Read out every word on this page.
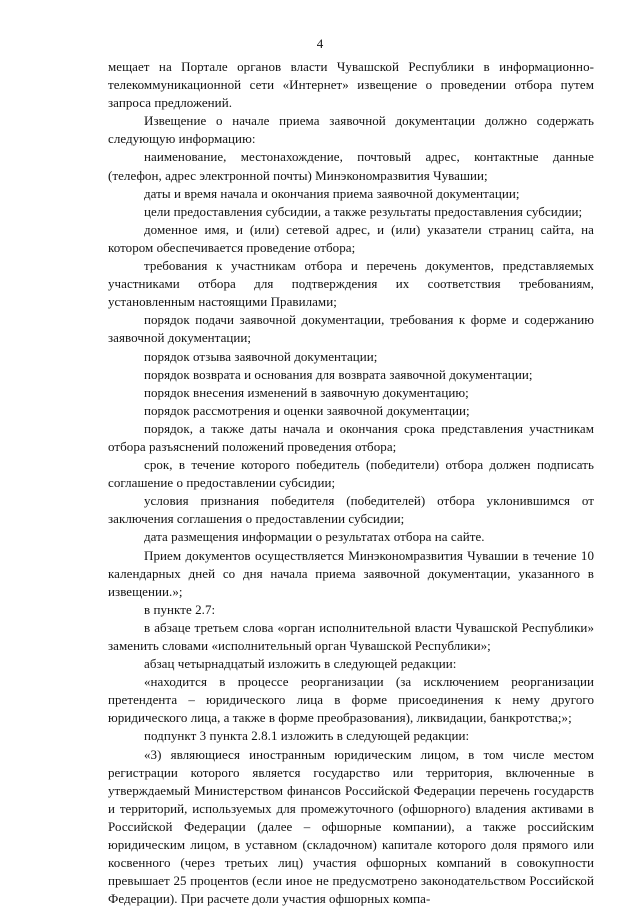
4

мещает на Портале органов власти Чувашской Республики в информационно-телекоммуникационной сети «Интернет» извещение о проведении отбора путем запроса предложений.

Извещение о начале приема заявочной документации должно содержать следующую информацию:

наименование, местонахождение, почтовый адрес, контактные данные (телефон, адрес электронной почты) Минэкономразвития Чувашии;

даты и время начала и окончания приема заявочной документации;

цели предоставления субсидии, а также результаты предоставления субсидии;

доменное имя, и (или) сетевой адрес, и (или) указатели страниц сайта, на котором обеспечивается проведение отбора;

требования к участникам отбора и перечень документов, представляемых участниками отбора для подтверждения их соответствия требованиям, установленным настоящими Правилами;

порядок подачи заявочной документации, требования к форме и содержанию заявочной документации;

порядок отзыва заявочной документации;

порядок возврата и основания для возврата заявочной документации;

порядок внесения изменений в заявочную документацию;

порядок рассмотрения и оценки заявочной документации;

порядок, а также даты начала и окончания срока представления участникам отбора разъяснений положений проведения отбора;

срок, в течение которого победитель (победители) отбора должен подписать соглашение о предоставлении субсидии;

условия признания победителя (победителей) отбора уклонившимся от заключения соглашения о предоставлении субсидии;

дата размещения информации о результатах отбора на сайте.

Прием документов осуществляется Минэкономразвития Чувашии в течение 10 календарных дней со дня начала приема заявочной документации, указанного в извещении.»;

в пункте 2.7:

в абзаце третьем слова «орган исполнительной власти Чувашской Республики» заменить словами «исполнительный орган Чувашской Республики»;

абзац четырнадцатый изложить в следующей редакции:

«находится в процессе реорганизации (за исключением реорганизации претендента – юридического лица в форме присоединения к нему другого юридического лица, а также в форме преобразования), ликвидации, банкротства;»;

подпункт 3 пункта 2.8.1 изложить в следующей редакции:

«3) являющиеся иностранным юридическим лицом, в том числе местом регистрации которого является государство или территория, включенные в утверждаемый Министерством финансов Российской Федерации перечень государств и территорий, используемых для промежуточного (офшорного) владения активами в Российской Федерации (далее – офшорные компании), а также российским юридическим лицом, в уставном (складочном) капитале которого доля прямого или косвенного (через третьих лиц) участия офшорных компаний в совокупности превышает 25 процентов (если иное не предусмотрено законодательством Российской Федерации). При расчете доли участия офшорных компа-
